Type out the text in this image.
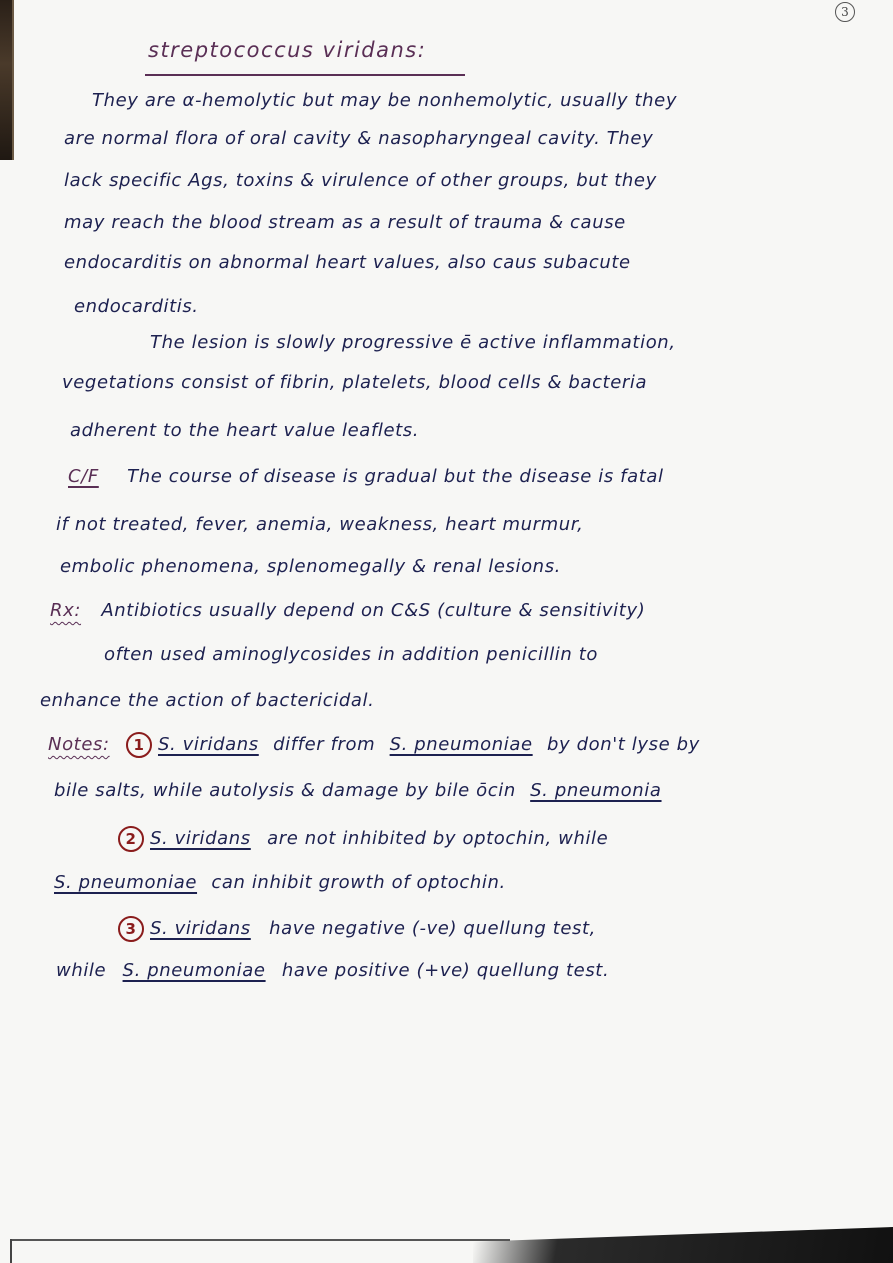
3
streptococcus viridans:
They are α-hemolytic but may be nonhemolytic, usually they
are normal flora of oral cavity & nasopharyngeal cavity. They
lack specific Ags, toxins & virulence of other groups, but they
may reach the blood stream as a result of trauma & cause
endocarditis on abnormal heart values, also caus subacute
endocarditis.
The lesion is slowly progressive ē active inflammation,
vegetations consist of fibrin, platelets, blood cells & bacteria
adherent to the heart value leaflets.
C/F The course of disease is gradual but the disease is fatal
if not treated, fever, anemia, weakness, heart murmur,
embolic phenomena, splenomegally & renal lesions.
Rx: Antibiotics usually depend on C&S (culture & sensitivity)
often used aminoglycosides in addition penicillin to
enhance the action of bactericidal.
Notes: 1 S. viridans differ from S. pneumoniae by don't lyse by
bile salts, while autolysis & damage by bile ōcin S. pneumonia
2 S. viridans are not inhibited by optochin, while
S. pneumoniae can inhibit growth of optochin.
3 S. viridans have negative (-ve) quellung test,
while S. pneumoniae have positive (+ve) quellung test.
